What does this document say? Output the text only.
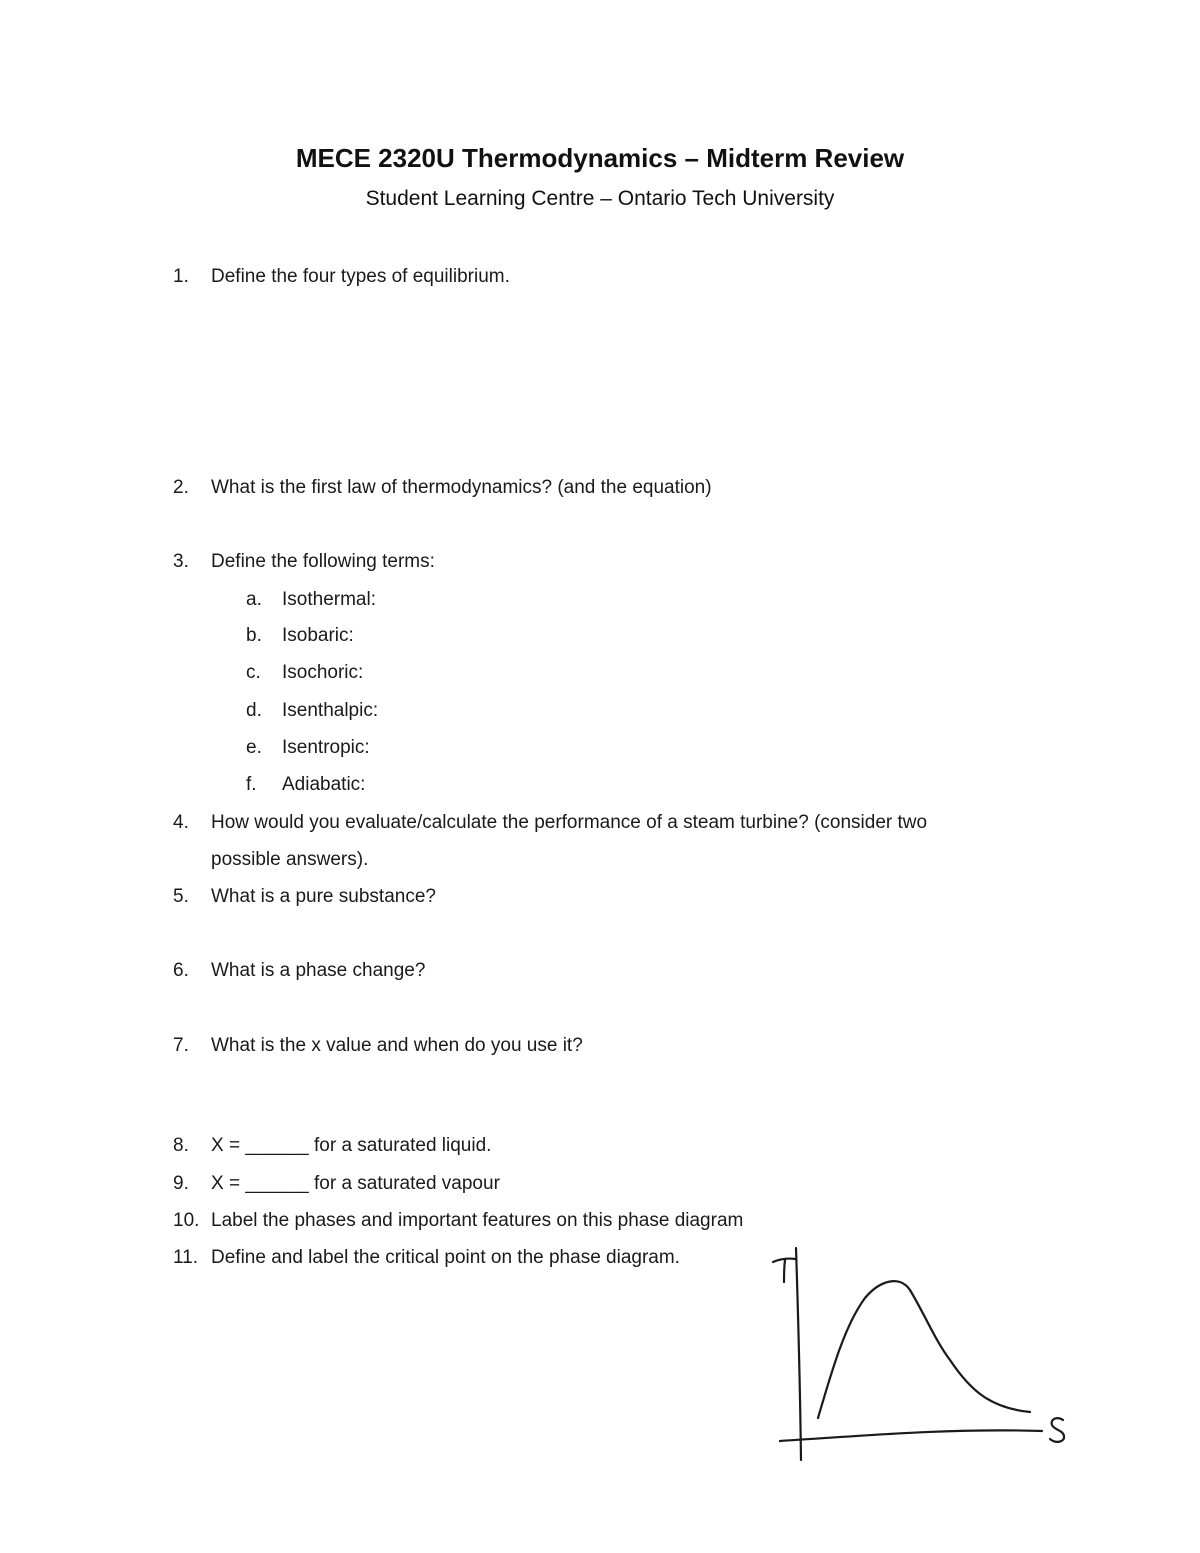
MECE 2320U Thermodynamics – Midterm Review
Student Learning Centre – Ontario Tech University
1.	Define the four types of equilibrium.
2.	What is the first law of thermodynamics? (and the equation)
3.	Define the following terms:
a. Isothermal:
b. Isobaric:
c. Isochoric:
d. Isenthalpic:
e. Isentropic:
f. Adiabatic:
4.	How would you evaluate/calculate the performance of a steam turbine? (consider two
possible answers).
5.	What is a pure substance?
6.	What is a phase change?
7.	What is the x value and when do you use it?
8.	X = ______ for a saturated liquid.
9.	X = ______ for a saturated vapour
10. Label the phases and important features on this phase diagram
11. Define and label the critical point on the phase diagram.
